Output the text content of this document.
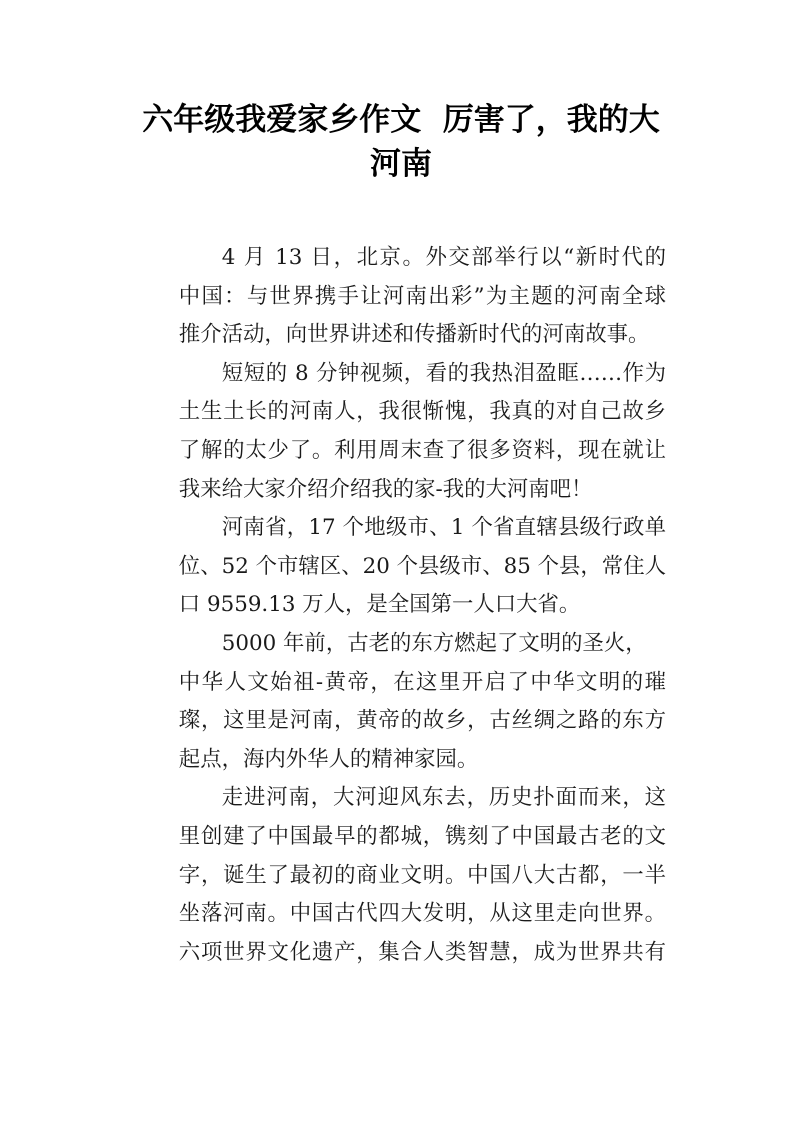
六年级我爱家乡作文  厉害了，我的大
河南
4 月 13 日，北京。外交部举行以“新时代的
中国：与世界携手让河南出彩”为主题的河南全球
推介活动，向世界讲述和传播新时代的河南故事。
短短的 8 分钟视频，看的我热泪盈眶……作为
土生土长的河南人，我很惭愧，我真的对自己故乡
了解的太少了。利用周末查了很多资料，现在就让
我来给大家介绍介绍我的家-我的大河南吧！
河南省，17 个地级市、1 个省直辖县级行政单
位、52 个市辖区、20 个县级市、85 个县，常住人
口 9559.13 万人，是全国第一人口大省。
5000 年前，古老的东方燃起了文明的圣火，
中华人文始祖-黄帝，在这里开启了中华文明的璀
璨，这里是河南，黄帝的故乡，古丝绸之路的东方
起点，海内外华人的精神家园。
走进河南，大河迎风东去，历史扑面而来，这
里创建了中国最早的都城，镌刻了中国最古老的文
字，诞生了最初的商业文明。中国八大古都，一半
坐落河南。中国古代四大发明，从这里走向世界。
六项世界文化遗产，集合人类智慧，成为世界共有
